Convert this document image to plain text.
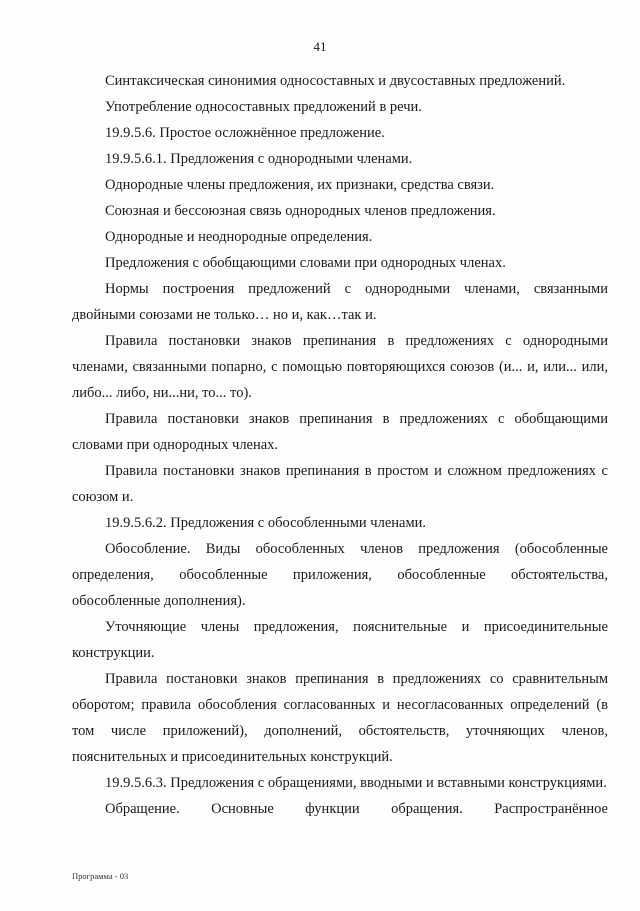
41

Синтаксическая синонимия односоставных и двусоставных предложений.

Употребление односоставных предложений в речи.

19.9.5.6. Простое осложнённое предложение.

19.9.5.6.1. Предложения с однородными членами.

Однородные члены предложения, их признаки, средства связи.

Союзная и бессоюзная связь однородных членов предложения.

Однородные и неоднородные определения.

Предложения с обобщающими словами при однородных членах.

Нормы построения предложений с однородными членами, связанными двойными союзами не только… но и, как…так и.

Правила постановки знаков препинания в предложениях с однородными членами, связанными попарно, с помощью повторяющихся союзов (и... и, или... или, либо... либо, ни...ни, то... то).

Правила постановки знаков препинания в предложениях с обобщающими словами при однородных членах.

Правила постановки знаков препинания в простом и сложном предложениях с союзом и.

19.9.5.6.2. Предложения с обособленными членами.

Обособление. Виды обособленных членов предложения (обособленные определения, обособленные приложения, обособленные обстоятельства, обособленные дополнения).

Уточняющие члены предложения, пояснительные и присоединительные конструкции.

Правила постановки знаков препинания в предложениях со сравнительным оборотом; правила обособления согласованных и несогласованных определений (в том числе приложений), дополнений, обстоятельств, уточняющих членов, пояснительных и присоединительных конструкций.

19.9.5.6.3. Предложения с обращениями, вводными и вставными конструкциями.

Обращение. Основные функции обращения. Распространённое

Программа - 03
